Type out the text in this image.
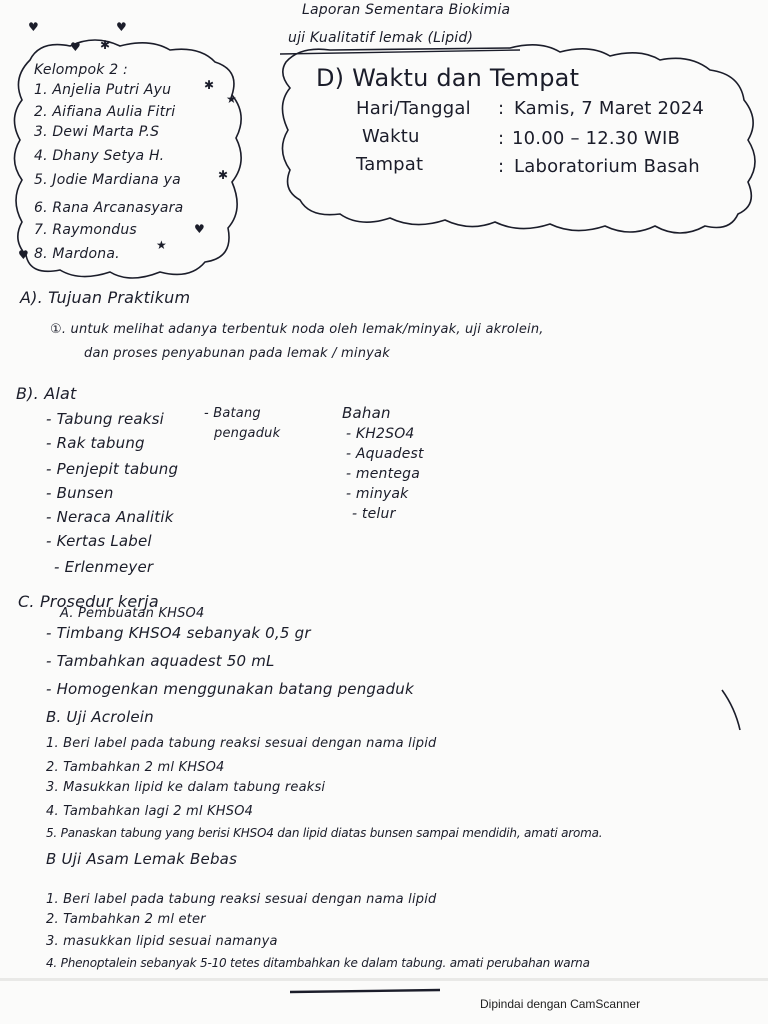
♥	♥
✱
♥
★
✱
✱
♥
★
♥
Laporan Sementara Biokimia
uji Kualitatif lemak (Lipid)
Kelompok 2 :
1. Anjelia Putri Ayu
2. Aifiana Aulia Fitri
3. Dewi Marta P.S
4. Dhany Setya H.
5. Jodie Mardiana ya
6. Rana Arcanasyara
7. Raymondus
8. Mardona.
D) Waktu dan Tempat
Hari/Tanggal : Kamis, 7 Maret 2024
Waktu	: 10.00 – 12.30 WIB
Tampat	: Laboratorium Basah
A). Tujuan Praktikum
①. untuk melihat adanya terbentuk noda oleh lemak/minyak, uji akrolein,
dan proses penyabunan pada lemak / minyak
B). Alat
- Tabung reaksi
- Rak tabung
- Penjepit tabung
- Bunsen
- Neraca Analitik
- Kertas Label
- Erlenmeyer
- Batang
pengaduk
Bahan
- KH2SO4
- Aquadest
- mentega
- minyak
- telur
C. Prosedur kerja
A. Pembuatan KHSO4
- Timbang KHSO4 sebanyak 0,5 gr
- Tambahkan aquadest 50 mL
- Homogenkan menggunakan batang pengaduk
B. Uji Acrolein
1. Beri label pada tabung reaksi sesuai dengan nama lipid
2. Tambahkan 2 ml KHSO4
3. Masukkan lipid ke dalam tabung reaksi
4. Tambahkan lagi 2 ml KHSO4
5. Panaskan tabung yang berisi KHSO4 dan lipid diatas bunsen sampai mendidih, amati aroma.
B Uji Asam Lemak Bebas
1. Beri label pada tabung reaksi sesuai dengan nama lipid
2. Tambahkan 2 ml eter
3. masukkan lipid sesuai namanya
4. Phenoptalein sebanyak 5-10 tetes ditambahkan ke dalam tabung. amati perubahan warna
Dipindai dengan CamScanner
